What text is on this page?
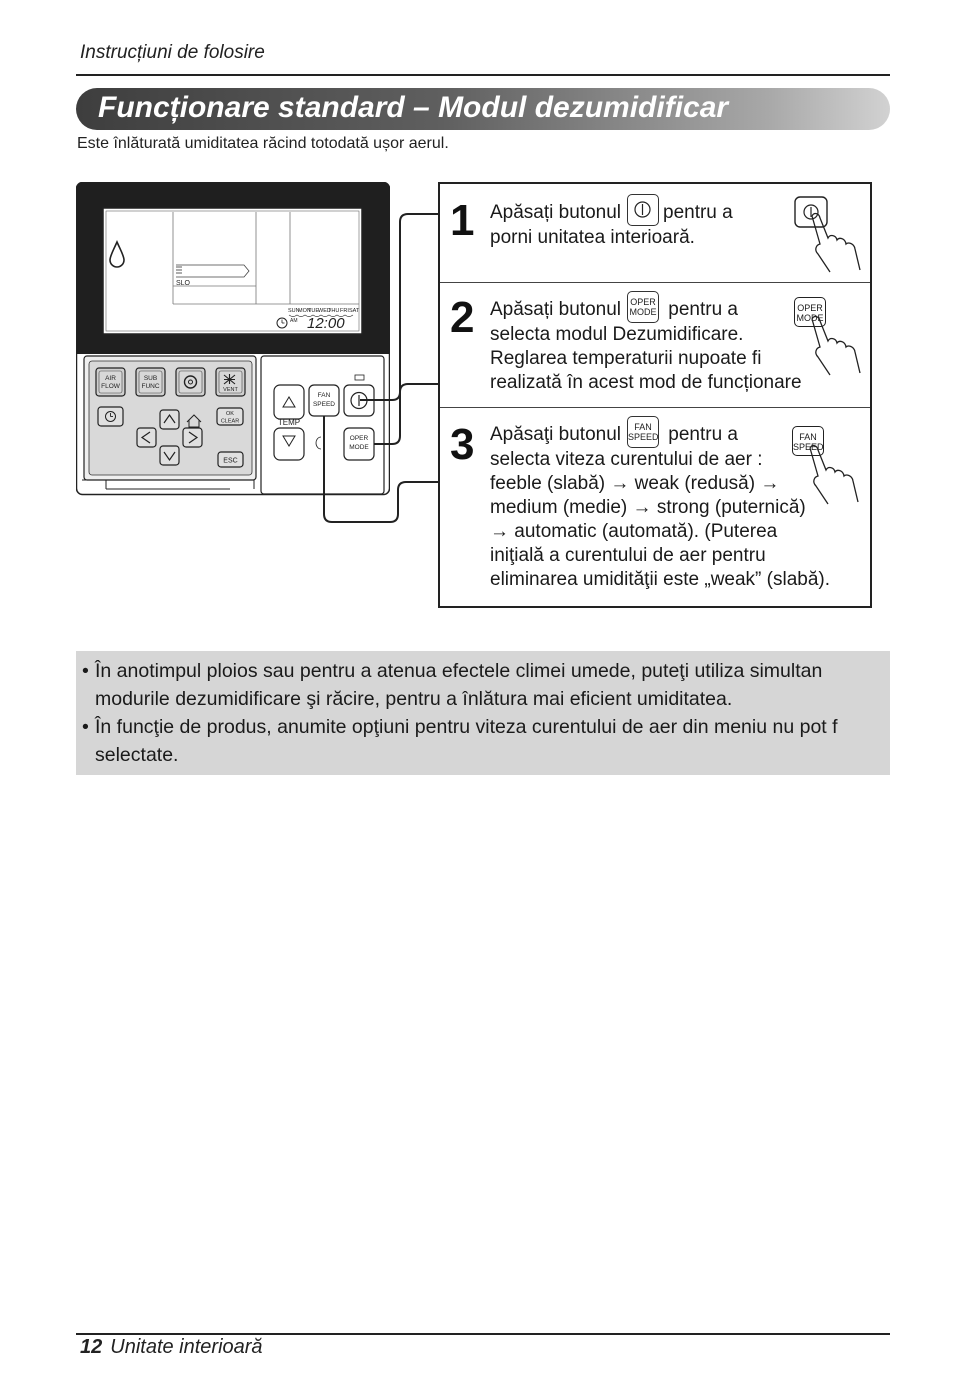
Instrucțiuni de folosire
Funcționare standard – Modul dezumidificar
Este înlăturată umiditatea răcind totodată ușor aerul.
SLO
SUN
MON
TUE WED
THU FRI SAT
AM 12:00
AIR
FLOW
SUB
FUNC	VENT
OK
CLEAR
ESC
TEMP
FAN
SPEED
OPER
MODE
1 Apăsați butonul pentru a
porni unitatea interioară.
2 Apăsați butonul OPER
MODE pentru a
selecta modul Dezumidificare.
Reglarea temperaturii nupoate fi
realizată în acest mod de funcționare
OPER
MODE
3 Apăsaţi butonul	FAN
SPEED pentru a
selecta viteza curentului de aer :
feeble (slabă) → weak (redusă) →
medium (medie) → strong (puternică)
→ automatic (automată). (Puterea
iniţială a curentului de aer pentru
eliminarea umidităţii este „weak” (slabă).
FAN
SPEED
• În anotimpul ploios sau pentru a atenua efectele climei umede, puteţi utiliza simultan
modurile dezumidificare şi răcire, pentru a înlătura mai eficient umiditatea.
• În funcţie de produs, anumite opţiuni pentru viteza curentului de aer din meniu nu pot f
selectate.
12 Unitate interioară
